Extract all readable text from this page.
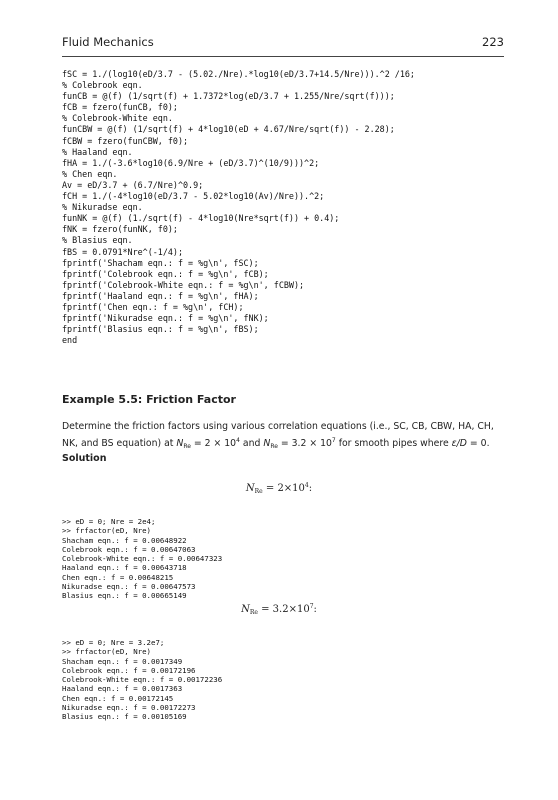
Fluid Mechanics	223
fSC = 1./(log10(eD/3.7 - (5.02./Nre).*log10(eD/3.7+14.5/Nre))).^2 /16;
% Colebrook eqn.
funCB = @(f) (1/sqrt(f) + 1.7372*log(eD/3.7 + 1.255/Nre/sqrt(f)));
fCB = fzero(funCB, f0);
% Colebrook-White eqn.
funCBW = @(f) (1/sqrt(f) + 4*log10(eD + 4.67/Nre/sqrt(f)) - 2.28);
fCBW = fzero(funCBW, f0);
% Haaland eqn.
fHA = 1./(-3.6*log10(6.9/Nre + (eD/3.7)^(10/9)))^2;
% Chen eqn.
Av = eD/3.7 + (6.7/Nre)^0.9;
fCH = 1./(-4*log10(eD/3.7 - 5.02*log10(Av)/Nre)).^2;
% Nikuradse eqn.
funNK = @(f) (1./sqrt(f) - 4*log10(Nre*sqrt(f)) + 0.4);
fNK = fzero(funNK, f0);
% Blasius eqn.
fBS = 0.0791*Nre^(-1/4);
fprintf('Shacham eqn.: f = %g\n', fSC);
fprintf('Colebrook eqn.: f = %g\n', fCB);
fprintf('Colebrook-White eqn.: f = %g\n', fCBW);
fprintf('Haaland eqn.: f = %g\n', fHA);
fprintf('Chen eqn.: f = %g\n', fCH);
fprintf('Nikuradse eqn.: f = %g\n', fNK);
fprintf('Blasius eqn.: f = %g\n', fBS);
end
Example 5.5: Friction Factor
Determine the friction factors using various correlation equations (i.e., SC, CB, CBW, HA, CH,
NK, and BS equation) at $N_{Re} = 2 \times 10^4$ and $N_{Re} = 3.2 \times 10^7$ for smooth pipes where ε/D = 0.
Solution
$N_{Re} = 2\times 10^4$:
>> eD = 0; Nre = 2e4;
>> frfactor(eD, Nre)
Shacham eqn.: f = 0.00648922
Colebrook eqn.: f = 0.00647063
Colebrook-White eqn.: f = 0.00647323
Haaland eqn.: f = 0.00643718
Chen eqn.: f = 0.00648215
Nikuradse eqn.: f = 0.00647573
Blasius eqn.: f = 0.00665149
$N_{Re} = 3.2\times 10^7$:
>> eD = 0; Nre = 3.2e7;
>> frfactor(eD, Nre)
Shacham eqn.: f = 0.0017349
Colebrook eqn.: f = 0.00172196
Colebrook-White eqn.: f = 0.00172236
Haaland eqn.: f = 0.0017363
Chen eqn.: f = 0.00172145
Nikuradse eqn.: f = 0.00172273
Blasius eqn.: f = 0.00105169
